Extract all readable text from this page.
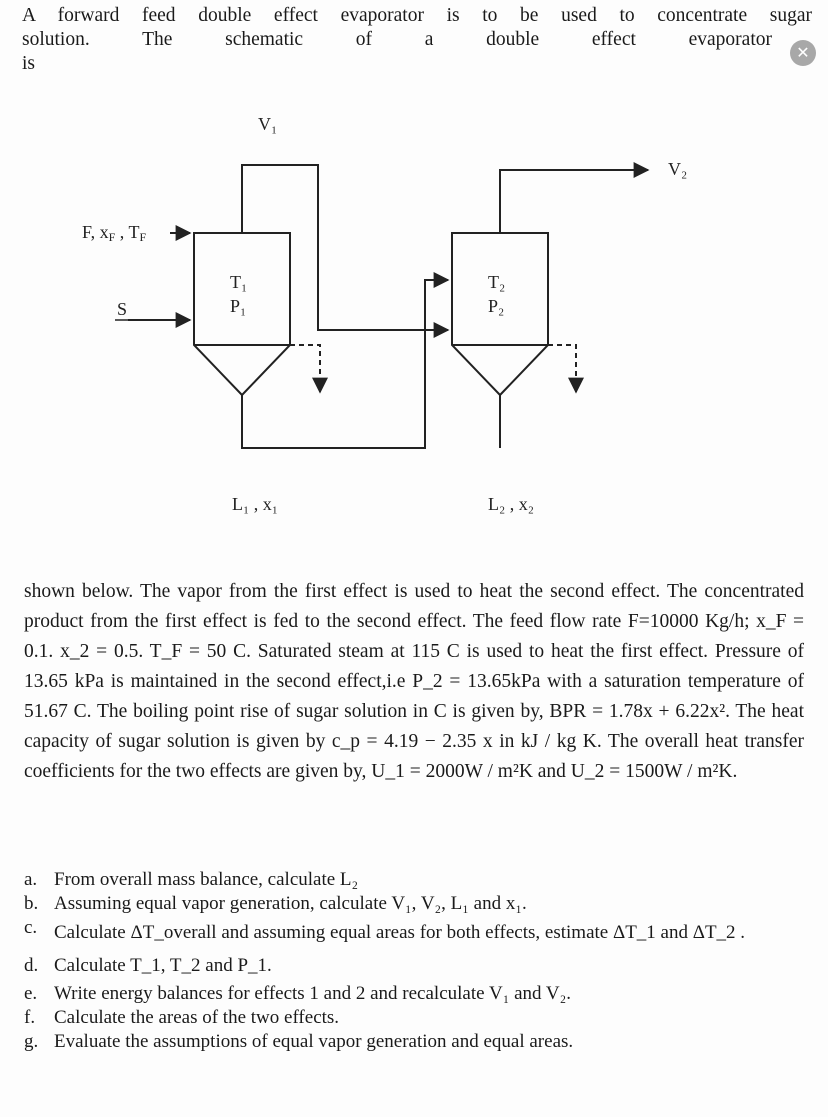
A forward feed double effect evaporator is to be used to concentrate sugar
solution. The schematic of a double effect evaporator
is
✕
V₁
V₂
F, xF , TF
S
T₁
P₁
T₂
P₂
L₁ , x₁	L₂ , x₂

shown below. The vapor from the first effect is used to heat the second effect. The concentrated product from the first effect is fed to the second effect. The feed flow rate F=10000 Kg/h; x_F = 0.1. x_2 = 0.5. T_F = 50 C. Saturated steam at 115 C is used to heat the first effect. Pressure of 13.65 kPa is maintained in the second effect,i.e P_2 = 13.65kPa with a saturation temperature of 51.67 C. The boiling point rise of sugar solution in C is given by, BPR = 1.78x + 6.22x². The heat capacity of sugar solution is given by c_p = 4.19 − 2.35 x in kJ / kg K. The overall heat transfer coefficients for the two effects are given by, U_1 = 2000W / m²K and U_2 = 1500W / m²K.

a. From overall mass balance, calculate L₂
b. Assuming equal vapor generation, calculate V₁, V₂, L₁ and x₁.
c. Calculate ΔT_overall and assuming equal areas for both effects, estimate ΔT_1 and ΔT_2 .
d. Calculate T_1, T_2 and P_1.
e. Write energy balances for effects 1 and 2 and recalculate V₁ and V₂.
f. Calculate the areas of the two effects.
g. Evaluate the assumptions of equal vapor generation and equal areas.
